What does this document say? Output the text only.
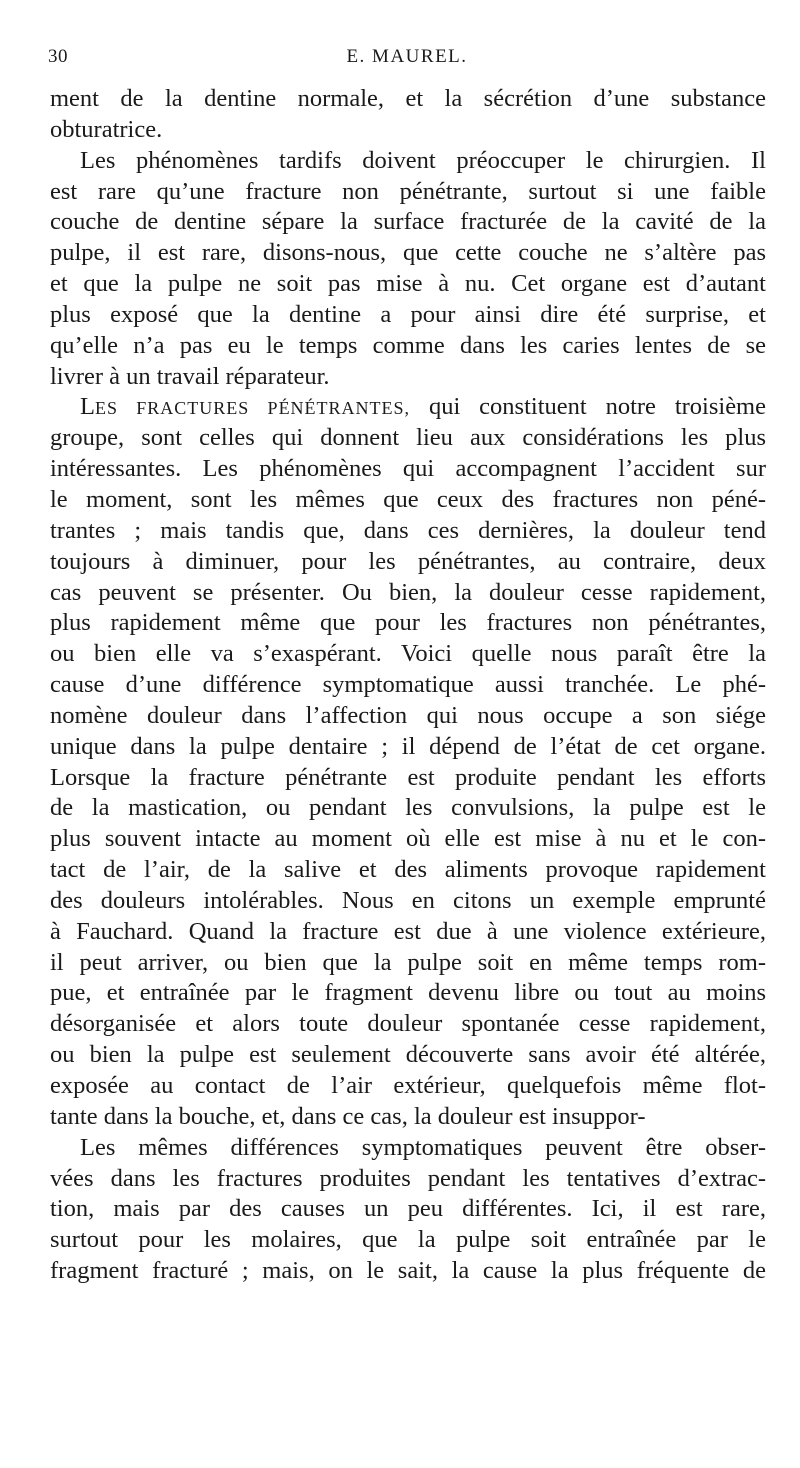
30	E. MAUREL.
ment de la dentine normale, et la sécrétion d’une substance
obturatrice.
Les phénomènes tardifs doivent préoccuper le chirurgien. Il
est rare qu’une fracture non pénétrante, surtout si une faible
couche de dentine sépare la surface fracturée de la cavité de la
pulpe, il est rare, disons-nous, que cette couche ne s’altère pas
et que la pulpe ne soit pas mise à nu. Cet organe est d’autant
plus exposé que la dentine a pour ainsi dire été surprise, et
qu’elle n’a pas eu le temps comme dans les caries lentes de se
livrer à un travail réparateur.
LES FRACTURES PÉNÉTRANTES, qui constituent notre troisième
groupe, sont celles qui donnent lieu aux considérations les plus
intéressantes. Les phénomènes qui accompagnent l’accident sur
le moment, sont les mêmes que ceux des fractures non péné-
trantes ; mais tandis que, dans ces dernières, la douleur tend
toujours à diminuer, pour les pénétrantes, au contraire, deux
cas peuvent se présenter. Ou bien, la douleur cesse rapidement,
plus rapidement même que pour les fractures non pénétrantes,
ou bien elle va s’exaspérant. Voici quelle nous paraît être la
cause d’une différence symptomatique aussi tranchée. Le phé-
nomène douleur dans l’affection qui nous occupe a son siége
unique dans la pulpe dentaire ; il dépend de l’état de cet organe.
Lorsque la fracture pénétrante est produite pendant les efforts
de la mastication, ou pendant les convulsions, la pulpe est le
plus souvent intacte au moment où elle est mise à nu et le con-
tact de l’air, de la salive et des aliments provoque rapidement
des douleurs intolérables. Nous en citons un exemple emprunté
à Fauchard. Quand la fracture est due à une violence extérieure,
il peut arriver, ou bien que la pulpe soit en même temps rom-
pue, et entraînée par le fragment devenu libre ou tout au moins
désorganisée et alors toute douleur spontanée cesse rapidement,
ou bien la pulpe est seulement découverte sans avoir été altérée,
exposée au contact de l’air extérieur, quelquefois même flot-
tante dans la bouche, et, dans ce cas, la douleur est insuppor-
Les mêmes différences symptomatiques peuvent être obser-
vées dans les fractures produites pendant les tentatives d’extrac-
tion, mais par des causes un peu différentes. Ici, il est rare,
surtout pour les molaires, que la pulpe soit entraînée par le
fragment fracturé ; mais, on le sait, la cause la plus fréquente de
